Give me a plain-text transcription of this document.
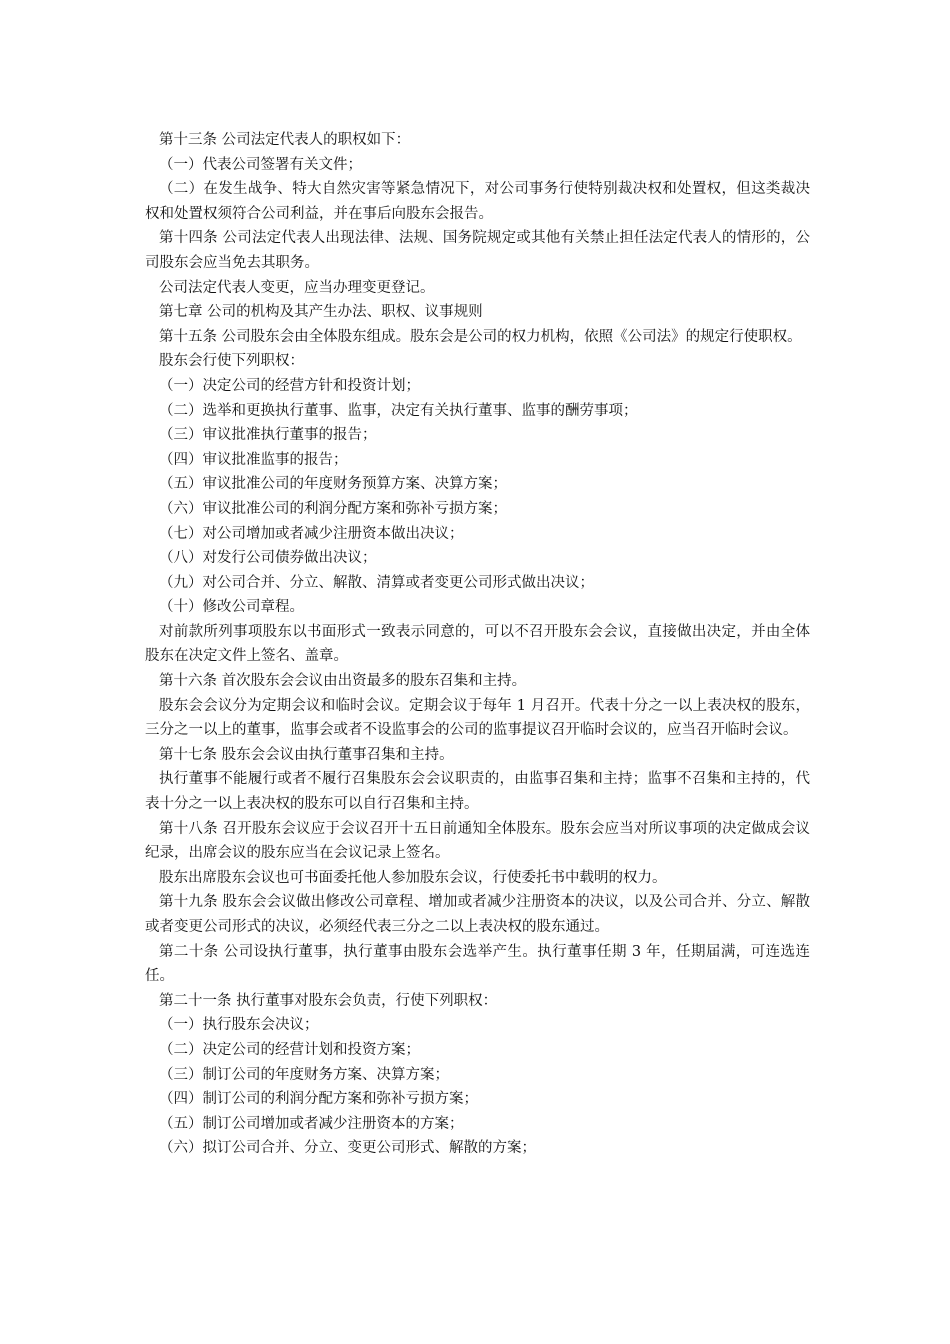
第十三条 公司法定代表人的职权如下：

（一）代表公司签署有关文件；

（二）在发生战争、特大自然灾害等紧急情况下，对公司事务行使特别裁决权和处置权，但这类裁决权和处置权须符合公司利益，并在事后向股东会报告。

第十四条 公司法定代表人出现法律、法规、国务院规定或其他有关禁止担任法定代表人的情形的，公司股东会应当免去其职务。

公司法定代表人变更，应当办理变更登记。

第七章 公司的机构及其产生办法、职权、议事规则

第十五条 公司股东会由全体股东组成。股东会是公司的权力机构，依照《公司法》的规定行使职权。

股东会行使下列职权：

（一）决定公司的经营方针和投资计划；

（二）选举和更换执行董事、监事，决定有关执行董事、监事的酬劳事项；

（三）审议批准执行董事的报告；

（四）审议批准监事的报告；

（五）审议批准公司的年度财务预算方案、决算方案；

（六）审议批准公司的利润分配方案和弥补亏损方案；

（七）对公司增加或者减少注册资本做出决议；

（八）对发行公司债券做出决议；

（九）对公司合并、分立、解散、清算或者变更公司形式做出决议；

（十）修改公司章程。

对前款所列事项股东以书面形式一致表示同意的，可以不召开股东会会议，直接做出决定，并由全体股东在决定文件上签名、盖章。

第十六条 首次股东会会议由出资最多的股东召集和主持。

股东会会议分为定期会议和临时会议。定期会议于每年 1 月召开。代表十分之一以上表决权的股东，三分之一以上的董事，监事会或者不设监事会的公司的监事提议召开临时会议的，应当召开临时会议。

第十七条 股东会会议由执行董事召集和主持。

执行董事不能履行或者不履行召集股东会会议职责的，由监事召集和主持；监事不召集和主持的，代表十分之一以上表决权的股东可以自行召集和主持。

第十八条 召开股东会议应于会议召开十五日前通知全体股东。股东会应当对所议事项的决定做成会议纪录，出席会议的股东应当在会议记录上签名。

股东出席股东会议也可书面委托他人参加股东会议，行使委托书中载明的权力。

第十九条 股东会会议做出修改公司章程、增加或者减少注册资本的决议，以及公司合并、分立、解散或者变更公司形式的决议，必须经代表三分之二以上表决权的股东通过。

第二十条 公司设执行董事，执行董事由股东会选举产生。执行董事任期 3 年，任期届满，可连选连任。

第二十一条 执行董事对股东会负责，行使下列职权：

（一）执行股东会决议；

（二）决定公司的经营计划和投资方案；

（三）制订公司的年度财务方案、决算方案；

（四）制订公司的利润分配方案和弥补亏损方案；

（五）制订公司增加或者减少注册资本的方案；

（六）拟订公司合并、分立、变更公司形式、解散的方案；
